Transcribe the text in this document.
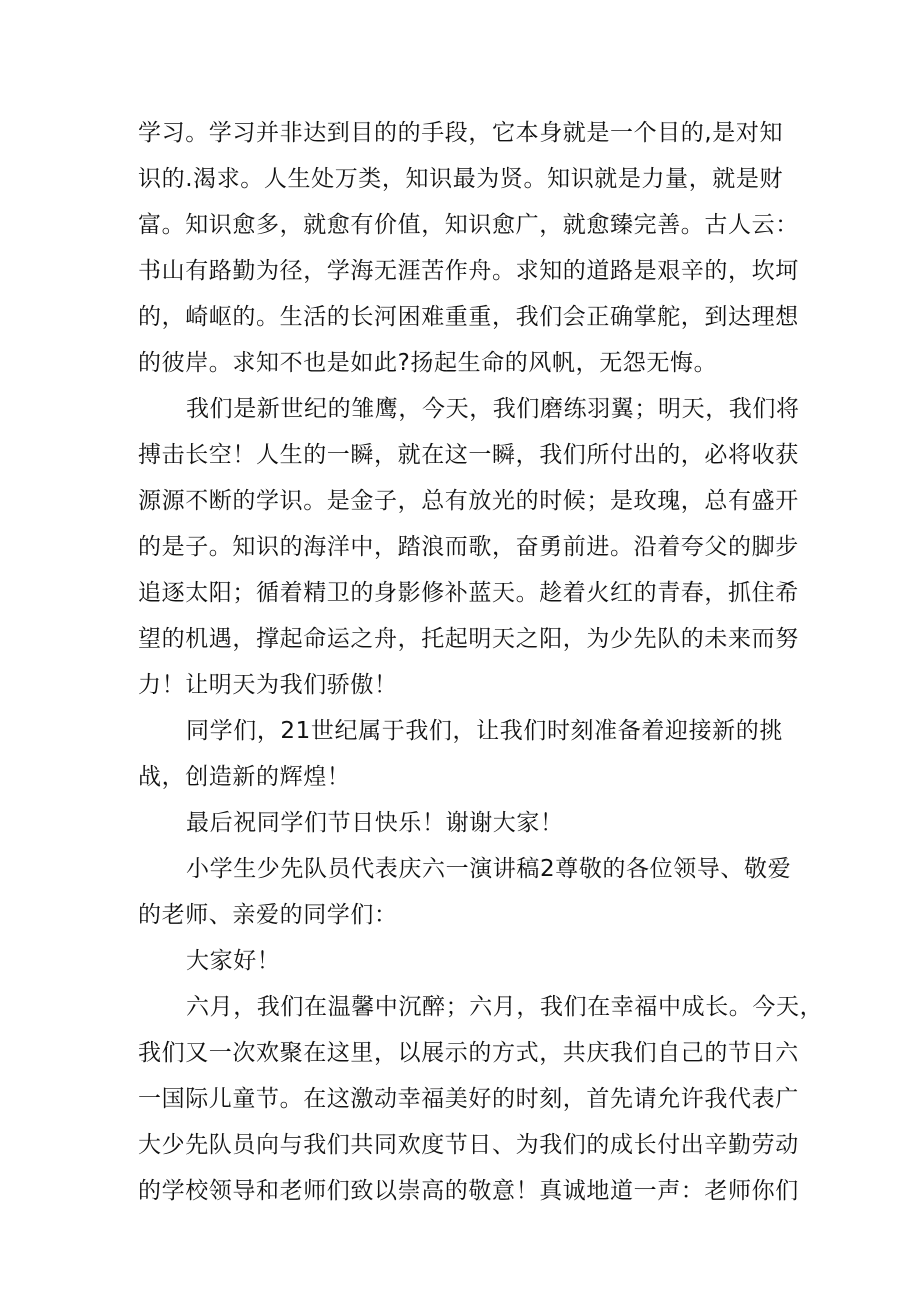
学习。学习并非达到目的的手段，它本身就是一个目的,是对知
识的.渴求。人生处万类，知识最为贤。知识就是力量，就是财
富。知识愈多，就愈有价值，知识愈广，就愈臻完善。古人云：
书山有路勤为径，学海无涯苦作舟。求知的道路是艰辛的，坎坷
的，崎岖的。生活的长河困难重重，我们会正确掌舵，到达理想
的彼岸。求知不也是如此?扬起生命的风帆，无怨无悔。
我们是新世纪的雏鹰，今天，我们磨练羽翼；明天，我们将
搏击长空！人生的一瞬，就在这一瞬，我们所付出的，必将收获
源源不断的学识。是金子，总有放光的时候；是玫瑰，总有盛开
的是子。知识的海洋中，踏浪而歌，奋勇前进。沿着夸父的脚步
追逐太阳；循着精卫的身影修补蓝天。趁着火红的青春，抓住希
望的机遇，撑起命运之舟，托起明天之阳，为少先队的未来而努
力！让明天为我们骄傲！
同学们，21世纪属于我们，让我们时刻准备着迎接新的挑
战，创造新的辉煌！
最后祝同学们节日快乐！谢谢大家！
小学生少先队员代表庆六一演讲稿2尊敬的各位领导、敬爱
的老师、亲爱的同学们：
大家好！
六月，我们在温馨中沉醉；六月，我们在幸福中成长。今天，
我们又一次欢聚在这里，以展示的方式，共庆我们自己的节日六
一国际儿童节。在这激动幸福美好的时刻，首先请允许我代表广
大少先队员向与我们共同欢度节日、为我们的成长付出辛勤劳动
的学校领导和老师们致以崇高的敬意！真诚地道一声：老师你们
